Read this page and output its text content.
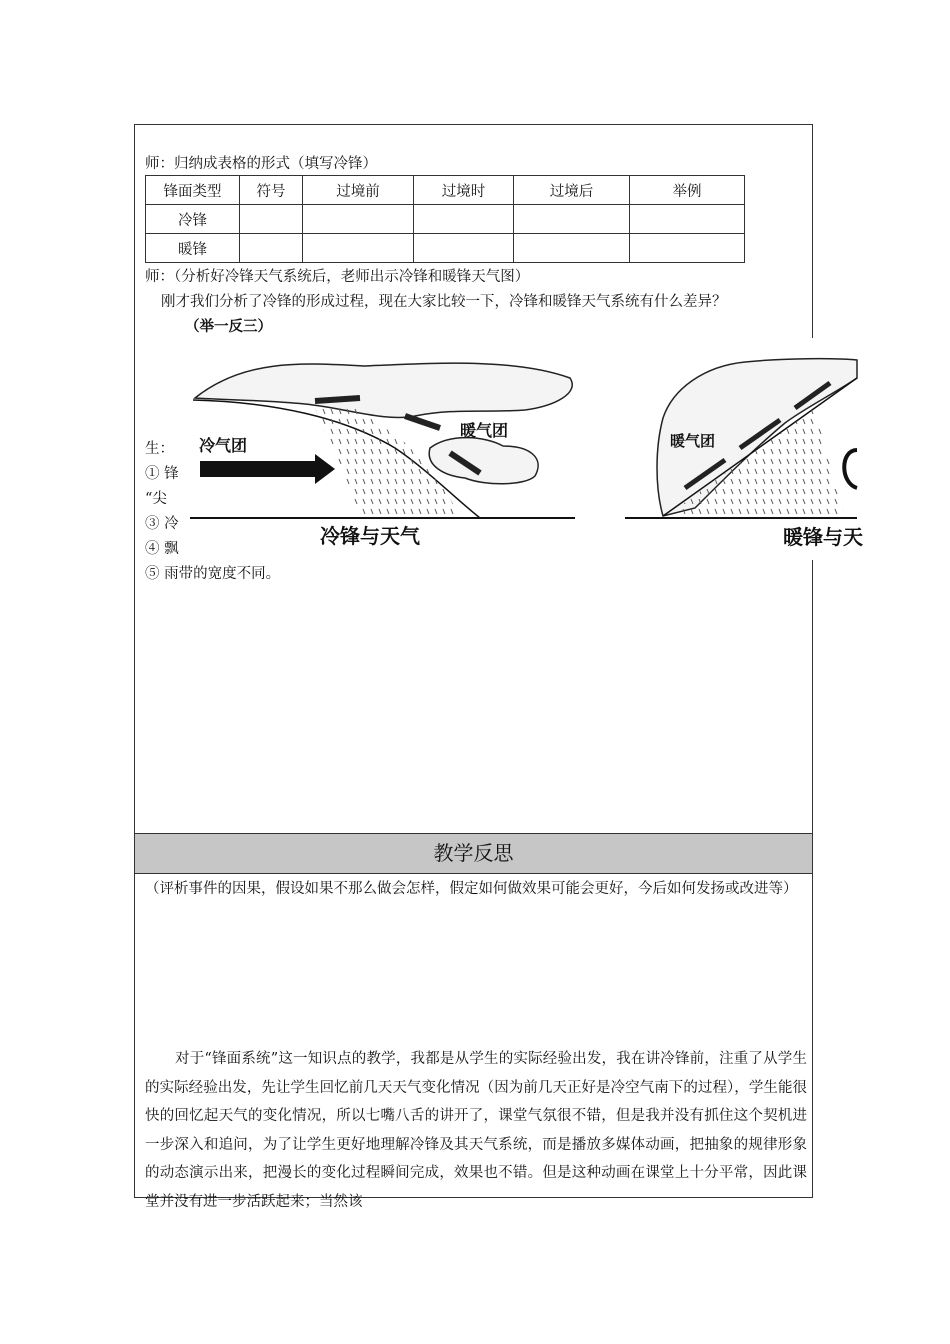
师：归纳成表格的形式（填写冷锋）
锋面类型	符号	过境前	过境时	过境后	举例
冷锋					
暖锋					
师：（分析好冷锋天气系统后，老师出示冷锋和暖锋天气图）
刚才我们分析了冷锋的形成过程，现在大家比较一下，冷锋和暖锋天气系统有什么差异？
（举一反三）
生：
① 锋
“尖
③ 冷
④ 飘
⑤ 雨带的宽度不同。
教学反思
（评析事件的因果，假设如果不那么做会怎样，假定如何做效果可能会更好，今后如何发扬或改进等）
对于“锋面系统”这一知识点的教学，我都是从学生的实际经验出发，我在讲冷锋前，注重了从学生的实际经验出发，先让学生回忆前几天天气变化情况（因为前几天正好是冷空气南下的过程），学生能很快的回忆起天气的变化情况，所以七嘴八舌的讲开了，课堂气氛很不错，但是我并没有抓住这个契机进一步深入和追问，为了让学生更好地理解冷锋及其天气系统，而是播放多媒体动画，把抽象的规律形象的动态演示出来，把漫长的变化过程瞬间完成，效果也不错。但是这种动画在课堂上十分平常，因此课堂并没有进一步活跃起来；当然该
冷气团
暖气团
冷锋与天气
暖气团
暖锋与天
